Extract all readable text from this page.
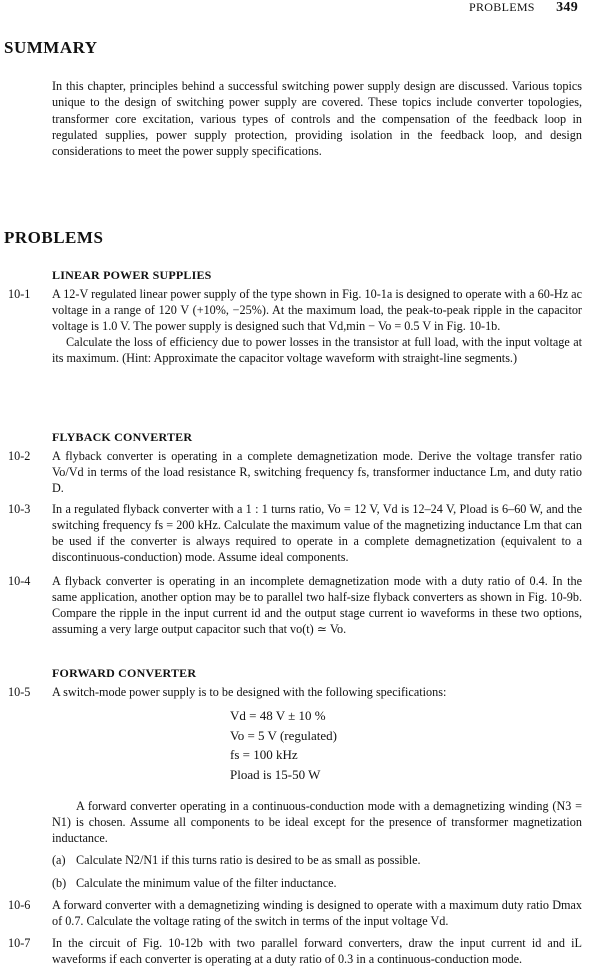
PROBLEMS 349
SUMMARY
In this chapter, principles behind a successful switching power supply design are discussed. Various topics unique to the design of switching power supply are covered. These topics include converter topologies, transformer core excitation, various types of controls and the compensation of the feedback loop in regulated supplies, power supply protection, providing isolation in the feedback loop, and design considerations to meet the power supply specifications.
PROBLEMS
LINEAR POWER SUPPLIES
10-1	A 12-V regulated linear power supply of the type shown in Fig. 10-1a is designed to operate with a 60-Hz ac voltage in a range of 120 V (+10%, −25%). At the maximum load, the peak-to-peak ripple in the capacitor voltage is 1.0 V. The power supply is designed such that Vd,min − Vo = 0.5 V in Fig. 10-1b.
Calculate the loss of efficiency due to power losses in the transistor at full load, with the input voltage at its maximum. (Hint: Approximate the capacitor voltage waveform with straight-line segments.)
FLYBACK CONVERTER
10-2	A flyback converter is operating in a complete demagnetization mode. Derive the voltage transfer ratio Vo/Vd in terms of the load resistance R, switching frequency fs, transformer inductance Lm, and duty ratio D.
10-3	In a regulated flyback converter with a 1 : 1 turns ratio, Vo = 12 V, Vd is 12–24 V, Pload is 6–60 W, and the switching frequency fs = 200 kHz. Calculate the maximum value of the magnetizing inductance Lm that can be used if the converter is always required to operate in a complete demagnetization (equivalent to a discontinuous-conduction) mode. Assume ideal components.
10-4	A flyback converter is operating in an incomplete demagnetization mode with a duty ratio of 0.4. In the same application, another option may be to parallel two half-size flyback converters as shown in Fig. 10-9b. Compare the ripple in the input current id and the output stage current io waveforms in these two options, assuming a very large output capacitor such that vo(t) ≃ Vo.
FORWARD CONVERTER
10-5	A switch-mode power supply is to be designed with the following specifications:
Vd = 48 V ± 10 %
Vo = 5 V (regulated)
fs = 100 kHz
Pload is 15-50 W
A forward converter operating in a continuous-conduction mode with a demagnetizing winding (N3 = N1) is chosen. Assume all components to be ideal except for the presence of transformer magnetization inductance.
(a) Calculate N2/N1 if this turns ratio is desired to be as small as possible.
(b) Calculate the minimum value of the filter inductance.
10-6	A forward converter with a demagnetizing winding is designed to operate with a maximum duty ratio Dmax of 0.7. Calculate the voltage rating of the switch in terms of the input voltage Vd.
10-7	In the circuit of Fig. 10-12b with two parallel forward converters, draw the input current id and iL waveforms if each converter is operating at a duty ratio of 0.3 in a continuous-conduction mode.
